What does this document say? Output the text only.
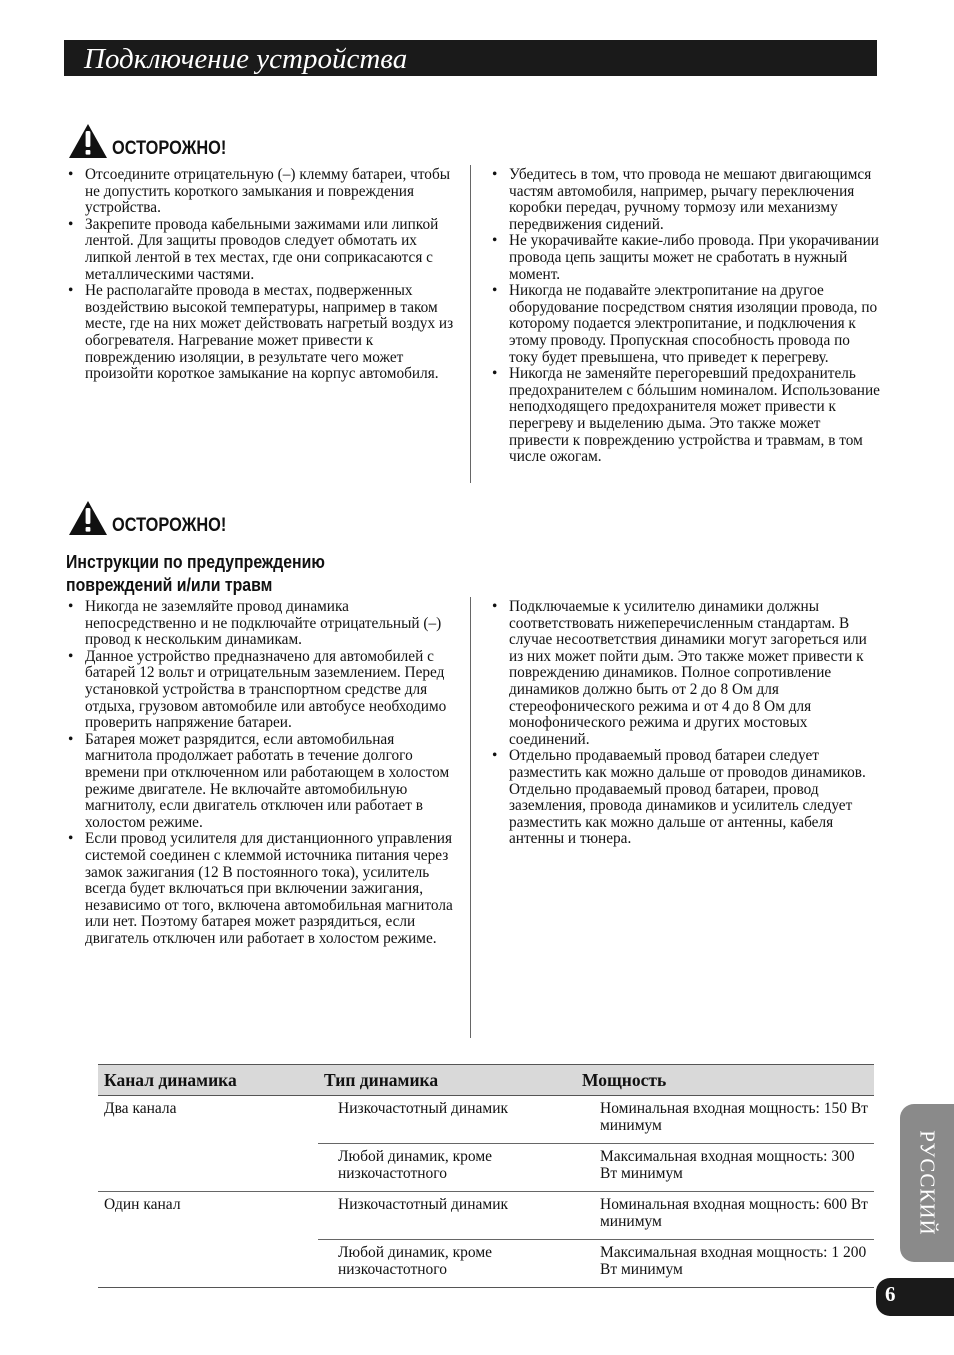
Подключение устройства
ОСТОРОЖНО!
• Отсоедините отрицательную (–) клемму батареи, чтобы не допустить короткого замыкания и повреждения устройства.
• Закрепите провода кабельными зажимами или липкой лентой. Для защиты проводов следует обмотать их липкой лентой в тех местах, где они соприкасаются с металлическими частями.
• Не располагайте провода в местах, подверженных воздействию высокой температуры, например в таком месте, где на них может действовать нагретый воздух из обогревателя. Нагревание может привести к повреждению изоляции, в результате чего может произойти короткое замыкание на корпус автомобиля.
• Убедитесь в том, что провода не мешают двигающимся частям автомобиля, например, рычагу переключения коробки передач, ручному тормозу или механизму передвижения сидений.
• Не укорачивайте какие-либо провода. При укорачивании провода цепь защиты может не сработать в нужный момент.
• Никогда не подавайте электропитание на другое оборудование посредством снятия изоляции провода, по которому подается электропитание, и подключения к этому проводу. Пропускная способность провода по току будет превышена, что приведет к перегреву.
• Никогда не заменяйте перегоревший предохранитель предохранителем с бóльшим номиналом. Использование неподходящего предохранителя может привести к перегреву и выделению дыма. Это также может привести к повреждению устройства и травмам, в том числе ожогам.
ОСТОРОЖНО!
Инструкции по предупреждению
повреждений и/или травм
• Никогда не заземляйте провод динамика непосредственно и не подключайте отрицательный (–) провод к нескольким динамикам.
• Данное устройство предназначено для автомобилей с батарей 12 вольт и отрицательным заземлением. Перед установкой устройства в транспортном средстве для отдыха, грузовом автомобиле или автобусе необходимо проверить напряжение батареи.
• Батарея может разрядится, если автомобильная магнитола продолжает работать в течение долгого времени при отключенном или работающем в холостом режиме двигателе. Не включайте автомобильную магнитолу, если двигатель отключен или работает в холостом режиме.
• Если провод усилителя для дистанционного управления системой соединен с клеммой источника питания через замок зажигания (12 В постоянного тока), усилитель всегда будет включаться при включении зажигания, независимо от того, включена автомобильная магнитола или нет. Поэтому батарея может разрядиться, если двигатель отключен или работает в холостом режиме.
• Подключаемые к усилителю динамики должны соответствовать нижеперечисленным стандартам. В случае несоответствия динамики могут загореться или из них может пойти дым. Это также может привести к повреждению динамиков. Полное сопротивление динамиков должно быть от 2 до 8 Ом для стереофонического режима и от 4 до 8 Ом для монофонического режима и других мостовых соединений.
• Отдельно продаваемый провод батареи следует разместить как можно дальше от проводов динамиков. Отдельно продаваемый провод батареи, провод заземления, провода динамиков и усилитель следует разместить как можно дальше от антенны, кабеля антенны и тюнера.
Канал динамика	Тип динамика	Мощность
Два канала	Низкочастотный динамик	Номинальная входная мощность: 150 Вт минимум
	Любой динамик, кроме низкочастотного	Максимальная входная мощность: 300 Вт минимум
Один канал	Низкочастотный динамик	Номинальная входная мощность: 600 Вт минимум
	Любой динамик, кроме низкочастотного	Максимальная входная мощность: 1 200 Вт минимум
РУССКИЙ
6
